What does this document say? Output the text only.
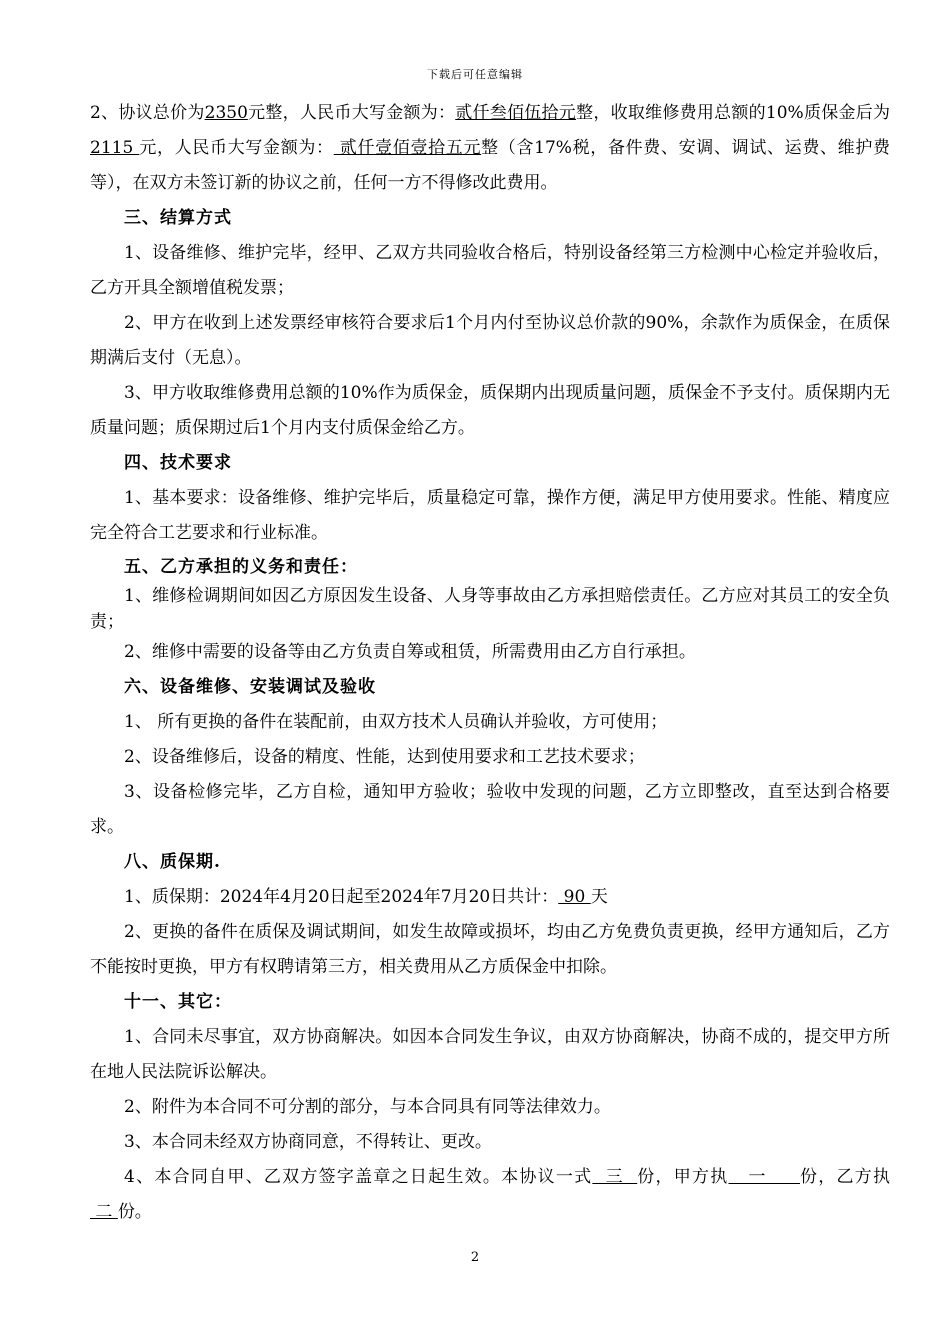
下载后可任意编辑

2、协议总价为2350元整，人民币大写金额为：贰仟叁佰伍拾元整，收取维修费用总额的10%质保金后为 2115 元，人民币大写金额为： 贰仟壹佰壹拾五元整（含17%税，备件费、安调、调试、运费、维护费等），在双方未签订新的协议之前，任何一方不得修改此费用。

三、结算方式

1、设备维修、维护完毕，经甲、乙双方共同验收合格后，特别设备经第三方检测中心检定并验收后，乙方开具全额增值税发票；

2、甲方在收到上述发票经审核符合要求后1个月内付至协议总价款的90%，余款作为质保金，在质保期满后支付（无息）。

3、甲方收取维修费用总额的10%作为质保金，质保期内出现质量问题，质保金不予支付。质保期内无质量问题；质保期过后1个月内支付质保金给乙方。

四、技术要求

1、基本要求：设备维修、维护完毕后，质量稳定可靠，操作方便，满足甲方使用要求。性能、精度应完全符合工艺要求和行业标准。

五、乙方承担的义务和责任：

1、维修检调期间如因乙方原因发生设备、人身等事故由乙方承担赔偿责任。乙方应对其员工的安全负责；

2、维修中需要的设备等由乙方负责自筹或租赁，所需费用由乙方自行承担。

六、设备维修、安装调试及验收

1、 所有更换的备件在装配前，由双方技术人员确认并验收，方可使用；

2、设备维修后，设备的精度、性能，达到使用要求和工艺技术要求；

3、设备检修完毕，乙方自检，通知甲方验收；验收中发现的问题，乙方立即整改，直至达到合格要求。

八、质保期.

1、质保期：2024年4月20日起至2024年7月20日共计： 90 天

2、更换的备件在质保及调试期间，如发生故障或损坏，均由乙方免费负责更换，经甲方通知后，乙方不能按时更换，甲方有权聘请第三方，相关费用从乙方质保金中扣除。

十一、其它：

1、合同未尽事宜，双方协商解决。如因本合同发生争议，由双方协商解决，协商不成的，提交甲方所在地人民法院诉讼解决。

2、附件为本合同不可分割的部分，与本合同具有同等法律效力。

3、本合同未经双方协商同意，不得转让、更改。

4、本合同自甲、乙双方签字盖章之日起生效。本协议一式  三  份，甲方执   一     份，乙方执 二 份。

2
